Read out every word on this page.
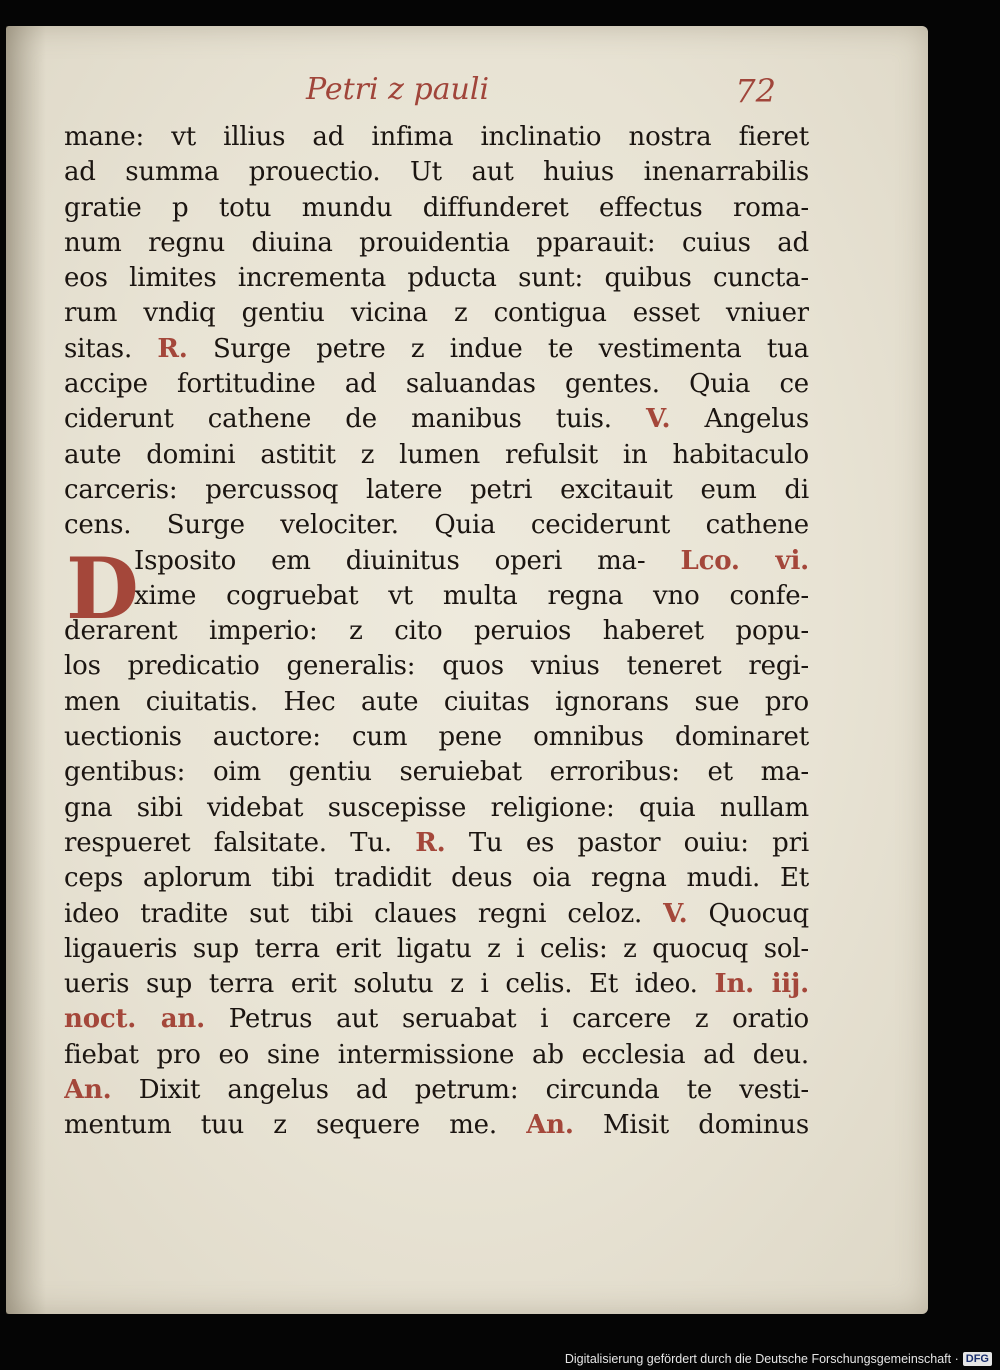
Petri z pauli	72
mane: vt illius ad infima inclinatio nostra fieret
ad summa prouectio. Ut aut huius inenarrabilis
gratie p totu mundu diffunderet effectus roma-
num regnu diuina prouidentia pparauit: cuius ad
eos limites incrementa pducta sunt: quibus cuncta-
rum vndiq gentiu vicina z contigua esset vniuer
sitas. R. Surge petre z indue te vestimenta tua
accipe fortitudine ad saluandas gentes. Quia ce
ciderunt cathene de manibus tuis. V. Angelus
aute domini astitit z lumen refulsit in habitaculo
carceris: percussoq latere petri excitauit eum di
cens. Surge velociter. Quia ceciderunt cathene
D
Isposito em diuinitus operi ma- Lco. vi.
xime cogruebat vt multa regna vno confe-
derarent imperio: z cito peruios haberet popu-
los predicatio generalis: quos vnius teneret regi-
men ciuitatis. Hec aute ciuitas ignorans sue pro
uectionis auctore: cum pene omnibus dominaret
gentibus: oim gentiu seruiebat erroribus: et ma-
gna sibi videbat suscepisse religione: quia nullam
respueret falsitate. Tu. R. Tu es pastor ouiu: pri
ceps aplorum tibi tradidit deus oia regna mudi. Et
ideo tradite sut tibi claues regni celoz. V. Quocuq
ligaueris sup terra erit ligatu z i celis: z quocuq sol-
ueris sup terra erit solutu z i celis. Et ideo. In. iij.
noct. an. Petrus aut seruabat i carcere z oratio
fiebat pro eo sine intermissione ab ecclesia ad deu.
An. Dixit angelus ad petrum: circunda te vesti-
mentum tuu z sequere me. An. Misit dominus
Digitalisierung gefördert durch die Deutsche Forschungsgemeinschaft · DFG
